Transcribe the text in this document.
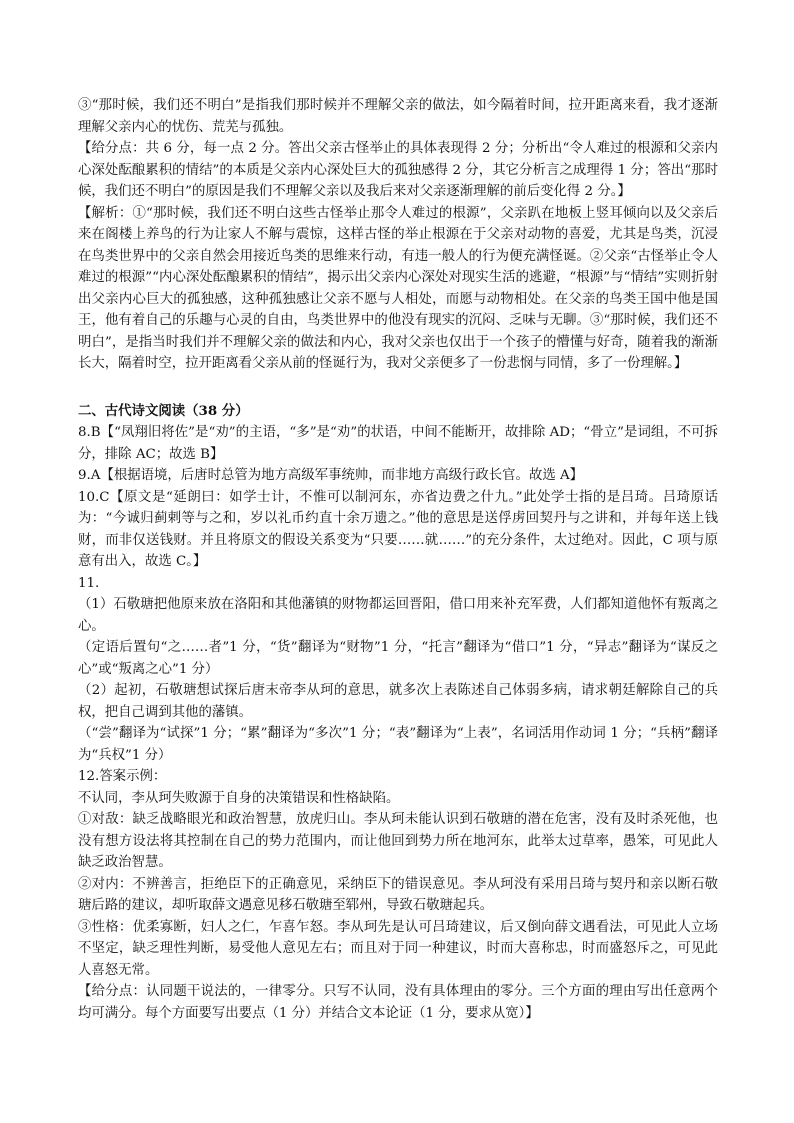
③“那时候，我们还不明白”是指我们那时候并不理解父亲的做法，如今隔着时间，拉开距离来看，我才逐渐理解父亲内心的忧伤、荒芜与孤独。

【给分点：共 6 分，每一点 2 分。答出父亲古怪举止的具体表现得 2 分；分析出“令人难过的根源和父亲内心深处酝酿累积的情结”的本质是父亲内心深处巨大的孤独感得 2 分，其它分析言之成理得 1 分；答出“那时候，我们还不明白”的原因是我们不理解父亲以及我后来对父亲逐渐理解的前后变化得 2 分。】

【解析：①“那时候，我们还不明白这些古怪举止那令人难过的根源”，父亲趴在地板上竖耳倾向以及父亲后来在阁楼上养鸟的行为让家人不解与震惊，这样古怪的举止根源在于父亲对动物的喜爱，尤其是鸟类，沉浸在鸟类世界中的父亲自然会用接近鸟类的思维来行动，有违一般人的行为便充满怪诞。②父亲“古怪举止令人难过的根源”“内心深处酝酿累积的情结”，揭示出父亲内心深处对现实生活的逃避，“根源”与“情结”实则折射出父亲内心巨大的孤独感，这种孤独感让父亲不愿与人相处，而愿与动物相处。在父亲的鸟类王国中他是国王，他有着自己的乐趣与心灵的自由，鸟类世界中的他没有现实的沉闷、乏味与无聊。③“那时候，我们还不明白”，是指当时我们并不理解父亲的做法和内心，我对父亲也仅出于一个孩子的懵懂与好奇，随着我的渐渐长大，隔着时空，拉开距离看父亲从前的怪诞行为，我对父亲便多了一份悲悯与同情，多了一份理解。】

二、古代诗文阅读（38 分）

8.B【“凤翔旧将佐”是“劝”的主语，“多”是“劝”的状语，中间不能断开，故排除 AD；“骨立”是词组，不可拆分，排除 AC；故选 B】

9.A【根据语境，后唐时总管为地方高级军事统帅，而非地方高级行政长官。故选 A】

10.C【原文是“延朗曰：如学士计，不惟可以制河东，亦省边费之什九。”此处学士指的是吕琦。吕琦原话为：“今诚归蓟剌等与之和，岁以礼币约直十余万遗之。”他的意思是送俘虏回契丹与之讲和，并每年送上钱财，而非仅送钱财。并且将原文的假设关系变为“只要……就……”的充分条件，太过绝对。因此，C 项与原意有出入，故选 C。】

11.

（1）石敬瑭把他原来放在洛阳和其他藩镇的财物都运回晋阳，借口用来补充军费，人们都知道他怀有叛离之心。

（定语后置句“之……者”1 分，“货”翻译为“财物”1 分，“托言”翻译为“借口”1 分，“异志”翻译为“谋反之心”或“叛离之心”1 分）

（2）起初，石敬瑭想试探后唐末帝李从珂的意思，就多次上表陈述自己体弱多病，请求朝廷解除自己的兵权，把自己调到其他的藩镇。

（“尝”翻译为“试探”1 分；“累”翻译为“多次”1 分；“表”翻译为“上表”，名词活用作动词 1 分；“兵柄”翻译为“兵权”1 分）

12.答案示例：

不认同，李从珂失败源于自身的决策错误和性格缺陷。

①对敌：缺乏战略眼光和政治智慧，放虎归山。李从珂未能认识到石敬瑭的潜在危害，没有及时杀死他，也没有想方设法将其控制在自己的势力范围内，而让他回到势力所在地河东，此举太过草率，愚笨，可见此人缺乏政治智慧。

②对内：不辨善言，拒绝臣下的正确意见，采纳臣下的错误意见。李从珂没有采用吕琦与契丹和亲以断石敬瑭后路的建议，却听取薛文遇意见移石敬瑭至郓州，导致石敬瑭起兵。

③性格：优柔寡断，妇人之仁，乍喜乍怒。李从珂先是认可吕琦建议，后又倒向薛文遇看法，可见此人立场不坚定，缺乏理性判断，易受他人意见左右；而且对于同一种建议，时而大喜称忠，时而盛怒斥之，可见此人喜怒无常。

【给分点：认同题干说法的，一律零分。只写不认同，没有具体理由的零分。三个方面的理由写出任意两个均可满分。每个方面要写出要点（1 分）并结合文本论证（1 分，要求从宽）】
